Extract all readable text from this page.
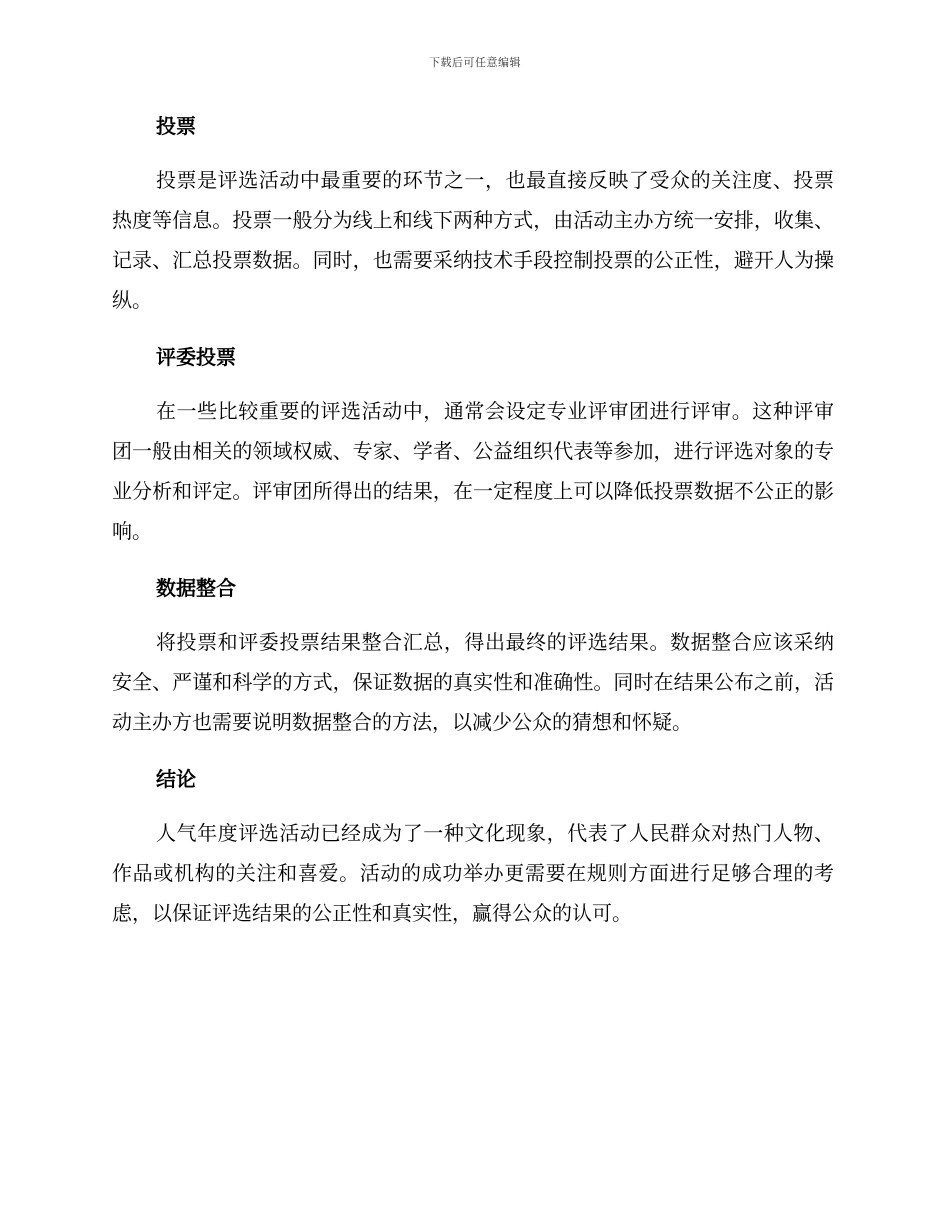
下载后可任意编辑
投票

投票是评选活动中最重要的环节之一，也最直接反映了受众的关注度、投票热度等信息。投票一般分为线上和线下两种方式，由活动主办方统一安排，收集、记录、汇总投票数据。同时，也需要采纳技术手段控制投票的公正性，避开人为操纵。

评委投票

在一些比较重要的评选活动中，通常会设定专业评审团进行评审。这种评审团一般由相关的领域权威、专家、学者、公益组织代表等参加，进行评选对象的专业分析和评定。评审团所得出的结果，在一定程度上可以降低投票数据不公正的影响。

数据整合

将投票和评委投票结果整合汇总，得出最终的评选结果。数据整合应该采纳安全、严谨和科学的方式，保证数据的真实性和准确性。同时在结果公布之前，活动主办方也需要说明数据整合的方法，以减少公众的猜想和怀疑。

结论

人气年度评选活动已经成为了一种文化现象，代表了人民群众对热门人物、作品或机构的关注和喜爱。活动的成功举办更需要在规则方面进行足够合理的考虑，以保证评选结果的公正性和真实性，赢得公众的认可。
